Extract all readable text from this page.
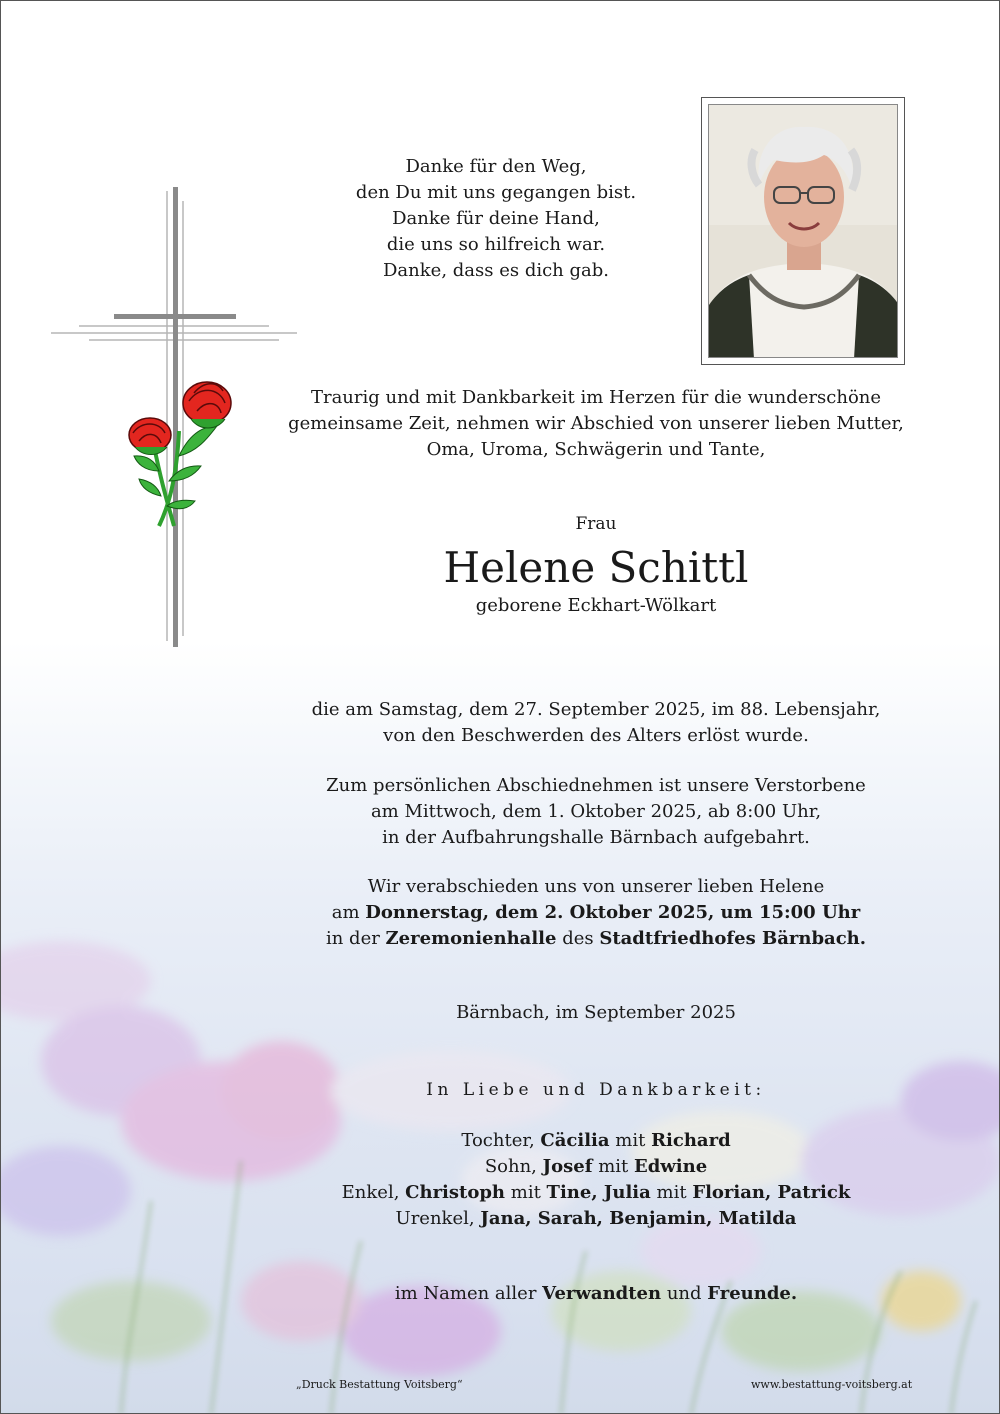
Danke für den Weg,
den Du mit uns gegangen bist.
Danke für deine Hand,
die uns so hilfreich war.
Danke, dass es dich gab.
Traurig und mit Dankbarkeit im Herzen für die wunderschöne
gemeinsame Zeit, nehmen wir Abschied von unserer lieben Mutter,
Oma, Uroma, Schwägerin und Tante,
Frau
Helene Schittl
geborene Eckhart-Wölkart
die am Samstag, dem 27. September 2025, im 88. Lebensjahr,
von den Beschwerden des Alters erlöst wurde.
Zum persönlichen Abschiednehmen ist unsere Verstorbene
am Mittwoch, dem 1. Oktober 2025, ab 8:00 Uhr,
in der Aufbahrungshalle Bärnbach aufgebahrt.
Wir verabschieden uns von unserer lieben Helene
am Donnerstag, dem 2. Oktober 2025, um 15:00 Uhr
in der Zeremonienhalle des Stadtfriedhofes Bärnbach.
Bärnbach, im September 2025
In Liebe und Dankbarkeit:
Tochter, Cäcilia mit Richard
Sohn, Josef mit Edwine
Enkel, Christoph mit Tine, Julia mit Florian, Patrick
Urenkel, Jana, Sarah, Benjamin, Matilda
im Namen aller Verwandten und Freunde.
„Druck Bestattung Voitsberg“	www.bestattung-voitsberg.at
